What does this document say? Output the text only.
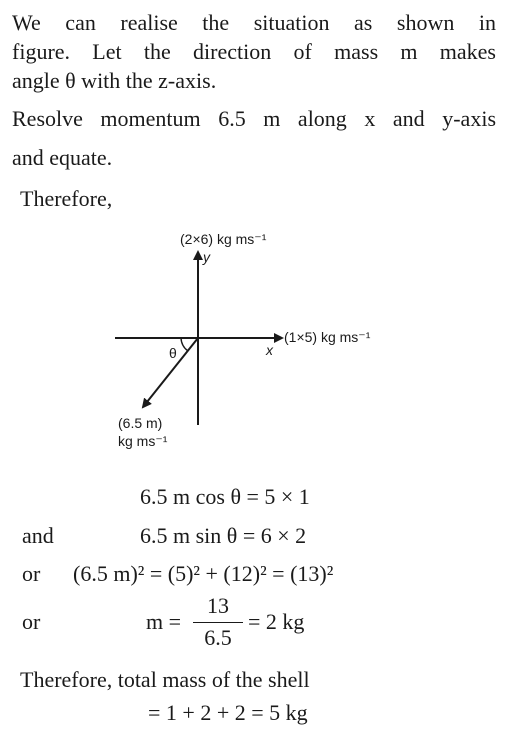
We can realise the situation as shown in
figure. Let the direction of mass m makes
angle θ with the z-axis.
Resolve momentum 6.5 m along x and y-axis
and equate.
Therefore,
(2×6) kg ms⁻¹
y
(1×5) kg ms⁻¹
x
θ
(6.5 m)
kg ms⁻¹
6.5 m cos θ = 5 × 1
and	6.5 m sin θ = 6 × 2
or (6.5 m)² = (5)² + (12)² = (13)²
or	m =
13
6.5
= 2 kg
Therefore, total mass of the shell
= 1 + 2 + 2 = 5 kg
